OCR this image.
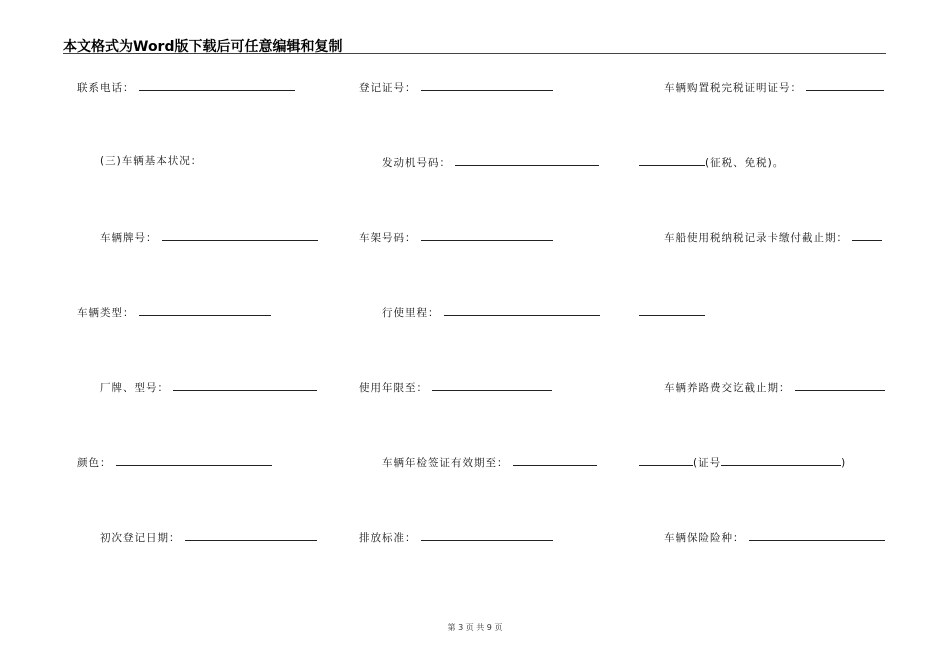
本文格式为Word版下载后可任意编辑和复制
联系电话：	登记证号：	车辆购置税完税证明证号：
(三)车辆基本状况：	发动机号码：	(征税、免税)。
车辆牌号：	车架号码：	车船使用税纳税记录卡缴付截止期：
车辆类型：	行使里程：
厂牌、型号：	使用年限至：	车辆养路费交讫截止期：
颜色：	车辆年检签证有效期至：	(证号	)
初次登记日期：	排放标准：	车辆保险险种：
第 3 页 共 9 页
